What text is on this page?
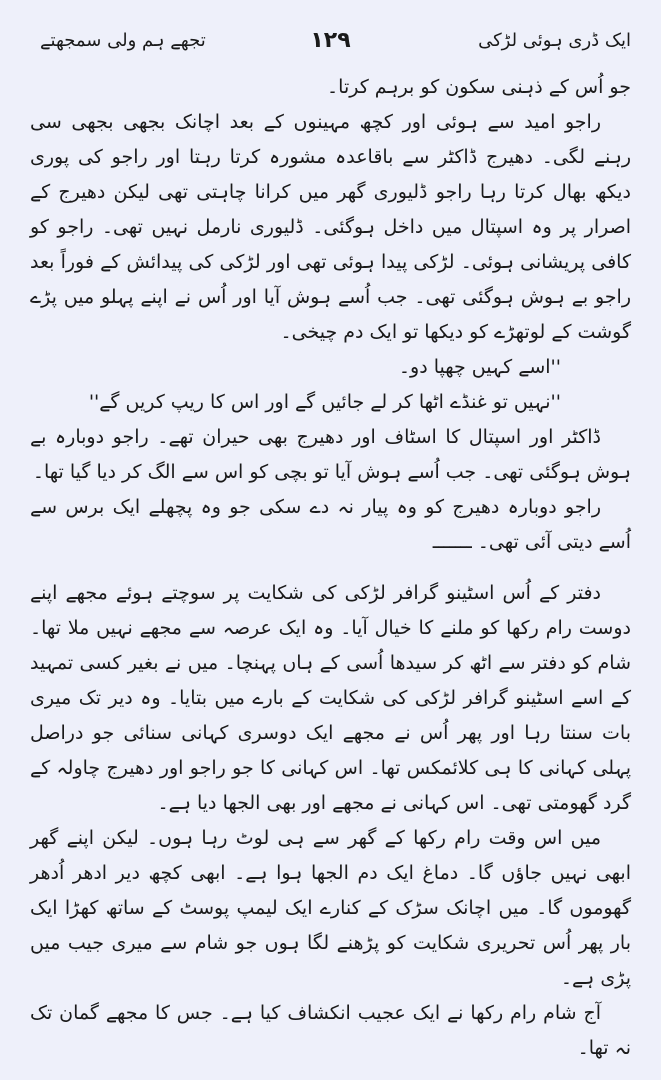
ایک ڈری ہوئی لڑکی
۱۲۹
تجھے ہم ولی سمجھتے

جو اُس کے ذہنی سکون کو برہم کرتا۔

راجو امید سے ہوئی اور کچھ مہینوں کے بعد اچانک بجھی بجھی سی رہنے لگی۔ دھیرج ڈاکٹر سے باقاعدہ مشورہ کرتا رہتا اور راجو کی پوری دیکھ بھال کرتا رہا راجو ڈلیوری گھر میں کرانا چاہتی تھی لیکن دھیرج کے اصرار پر وہ اسپتال میں داخل ہوگئی۔ ڈلیوری نارمل نہیں تھی۔ راجو کو کافی پریشانی ہوئی۔ لڑکی پیدا ہوئی تھی اور لڑکی کی پیدائش کے فوراً بعد راجو بے ہوش ہوگئی تھی۔ جب اُسے ہوش آیا اور اُس نے اپنے پہلو میں پڑے گوشت کے لوتھڑے کو دیکھا تو ایک دم چیخی۔

''اسے کہیں چھپا دو۔

''نہیں تو غنڈے اٹھا کر لے جائیں گے اور اس کا ریپ کریں گے''

ڈاکٹر اور اسپتال کا اسٹاف اور دھیرج بھی حیران تھے۔ راجو دوبارہ بے ہوش ہوگئی تھی۔ جب اُسے ہوش آیا تو بچی کو اس سے الگ کر دیا گیا تھا۔

راجو دوبارہ دھیرج کو وہ پیار نہ دے سکی جو وہ پچھلے ایک برس سے اُسے دیتی آئی تھی۔ ـــــــ

دفتر کے اُس اسٹینو گرافر لڑکی کی شکایت پر سوچتے ہوئے مجھے اپنے دوست رام رکھا کو ملنے کا خیال آیا۔ وہ ایک عرصہ سے مجھے نہیں ملا تھا۔ شام کو دفتر سے اٹھ کر سیدھا اُسی کے ہاں پہنچا۔ میں نے بغیر کسی تمہید کے اسے اسٹینو گرافر لڑکی کی شکایت کے بارے میں بتایا۔ وہ دیر تک میری بات سنتا رہا اور پھر اُس نے مجھے ایک دوسری کہانی سنائی جو دراصل پہلی کہانی کا ہی کلائمکس تھا۔ اس کہانی کا جو راجو اور دھیرج چاولہ کے گرد گھومتی تھی۔ اس کہانی نے مجھے اور بھی الجھا دیا ہے۔

میں اس وقت رام رکھا کے گھر سے ہی لوٹ رہا ہوں۔ لیکن اپنے گھر ابھی نہیں جاؤں گا۔ دماغ ایک دم الجھا ہوا ہے۔ ابھی کچھ دیر ادھر اُدھر گھوموں گا۔ میں اچانک سڑک کے کنارے ایک لیمپ پوسٹ کے ساتھ کھڑا ایک بار پھر اُس تحریری شکایت کو پڑھنے لگا ہوں جو شام سے میری جیب میں پڑی ہے۔

آج شام رام رکھا نے ایک عجیب انکشاف کیا ہے۔ جس کا مجھے گمان تک نہ تھا۔
